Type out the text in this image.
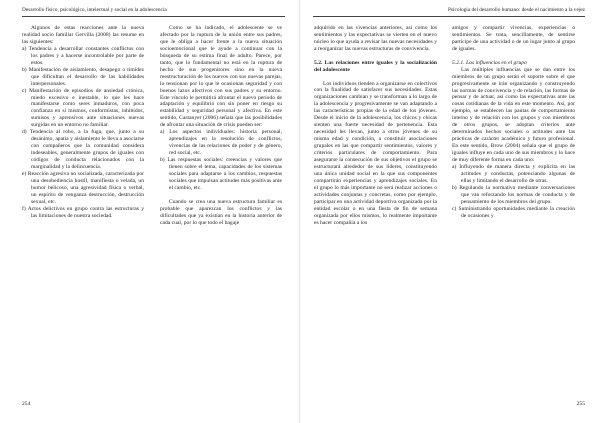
Desarrollo físico, psicológico, intelectual y social en la adolescencia

Algunos de estas reacciones ante la nueva realidad socio familiar Gervilla (2008) las resume en las siguientes:

a) Tendencia a desarrollar constantes conflictos con los padres y a hacerse incontrolable por parte de estos.

b) Manifestación de aislamiento, desapego o timidez que dificultan el desarrollo de las habilidades interpersonales.

c) Manifestación de episodios de ansiedad crónica, miedo excesivo e inestable, lo que les hace manifestarse como seres inmaduros, con poca confianza en sí mismos, conformistas, inhibidos, sumisos y aprensivos ante situaciones nuevas surgidas en un entorno no familiar.

d) Tendencia al robo, a la fuga, que, junto a su desánimo, apatía y aislamiento le lleva a asociarse con compañeros que la comunidad considera indeseables, generalmente grupos de iguales con códigos de conducta relacionados con la marginalidad y la delincuencia.

e) Reacción agresiva no socializada, caracterizada por una desobediencia hostil, manifiesta o velada, un humor belicoso, una agresividad física o verbal, un espíritu de venganza destrucción, destrucción sexual, etc.

f) Actos delictivos en grupo contra las estructuras y las limitaciones de nuestra sociedad.

Como se ha indicado, el adolescente se ve afectado por la ruptura de la unión entre sus padres, que le obliga a hacer frente a la nueva situación socioemocional que le ayude a continuar con la búsqueda de su estima final de adulto. Parece, por tanto, que lo fundamental no está en la ruptura de hecho de sus progenitores sino en la nueva reestructuración de los nuevos con sus nuevas parejas, lo tensionan por lo que le ocasionan seguridad y con buenos lazos afectivos con sus padres y su entorno. Este vínculo le permitirá afrontar el nuevo período de adaptación y equilibrio con sin poner en riesgo su estabilidad y seguridad personal y afectiva. En este sentido, Castanyer (2006) señala que las posibilidades de afrontar una situación de crisis pueden ser:

a) Los aspectos individuales: historia personal, aprendizajes en la resolución de conflictos, vivencias de las relaciones de poder y de género, red social, etc.

b) Las respuestas sociales: creencias y valores que tienen sobre el tema, capacidades de los sistemas sociales para adaptarse a los cambios, respuestas sociales que impulsan actitudes más positivas ante el cambio, etc.

Cuando se crea una nueva estructura familiar es probable que aparezcan los conflictos y las dificultades que ya existían en la historia anterior de cada cual, por lo que todo el bagaje

254
Psicología del desarrollo humano: desde el nacimiento a la vejez

adquirido en las vivencias anteriores, así como los sentimientos y las expectativas se vierten en el nuevo núcleo lo que ayuda a revisar las nuevas necesidades y a reorganizar las nuevas estructuras de convivencia.

5.2. Las relaciones entre iguales y la socialización del adolescente

Los individuos tienden a organizarse en colectivos con la finalidad de satisfacer sus necesidades. Estas organizaciones cambian y se transforman a lo largo de la adolescencia y progresivamente se van adaptando a las características propias de la edad de los jóvenes. Desde el inicio de la adolescencia, los chicos y chicas sienten una fuerte necesidad de pertenencia. Esta necesidad les llevan, junto a otros jóvenes de su misma edad y condición, a constituir asociaciones grupales en las que compartir sentimientos, valores y criterios particulares de comportamiento. Para asegurarse la consecución de sus objetivos el grupo se estructurará alrededor de sus líderes, constituyendo una única unidad social en la que sus componentes compartirán experiencias y aprendizajes sociales. En el grupo lo más importante no será realizar acciones o actividades conjuntas y concretas, como por ejemplo, participar en una actividad deportiva organizada por la entidad escolar o en una fiesta de fin de semana organizada por ellos mismos, lo realmente importante es hacer compañía a los

amigos y compartir vivencias, experiencias o sentimientos. Se trata, sencillamente, de sentirse partícipe de una actividad o de un lugar junto al grupo de iguales.

5.2.1. Las influencias en el grupo

Las múltiples influencias que se dan entre los miembros de un grupo serán el soporte sobre el que progresivamente se irán organizando y construyendo las normas de convivencia y de relación, las formas de pensar y de actuar, así como las expectativas ante las cosas cotidianas de la vida en este momento. Así, por ejemplo, se establecen las pautas de comportamiento interno y de relación con los grupos y con miembros de otros grupos, se adoptan criterios ante determinados hechos sociales o actitudes ante las prácticas de carácter académico y futuro profesional. En este sentido, Brow (2004) señala que el grupo de iguales influye en cada uno de sus miembros y lo hace de muy diferente forma en cada uno:

a) Influyendo de manera directa y explícita en las actitudes y conductas, potenciando algunas de ellas y limitando el desarrollo de otras.

b) Regulando la normativa mediante conversaciones que van reforzando los normas de conducta y de pensamiento de los miembros del grupo.

c) Suministrando oportunidades mediante la creación de ocasiones y

255
